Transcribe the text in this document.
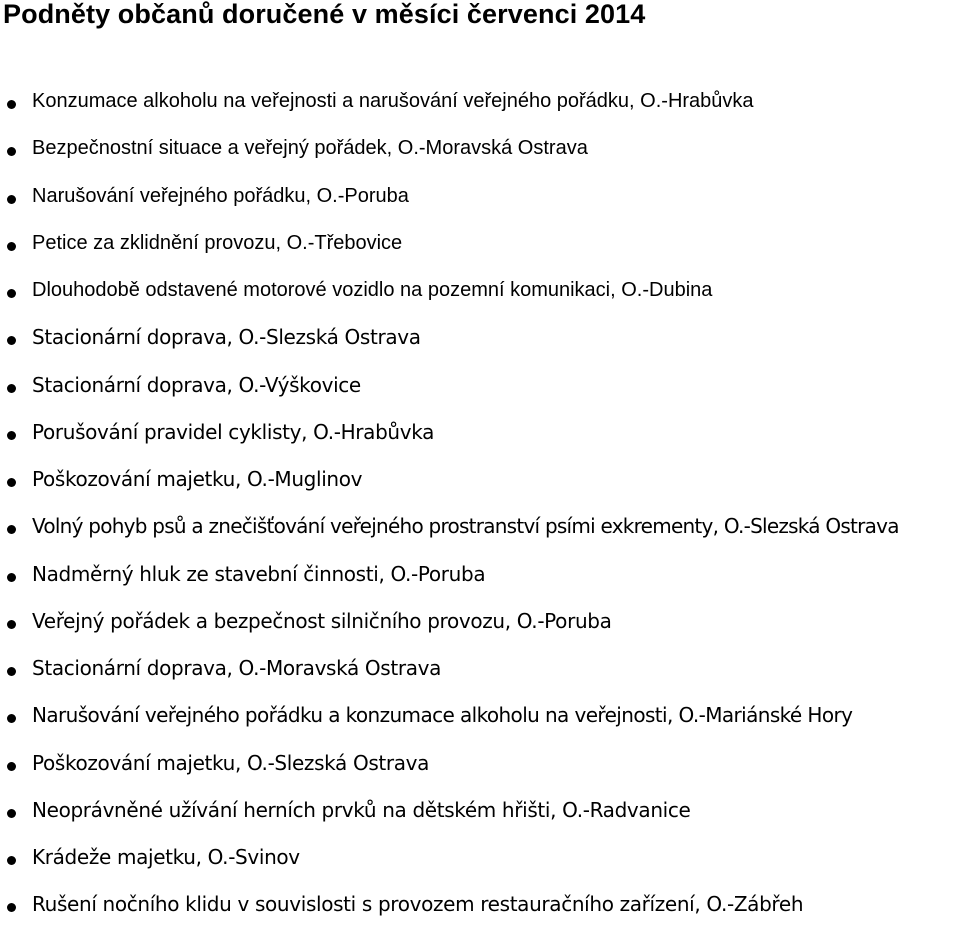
Podněty občanů doručené v měsíci červenci 2014
Konzumace alkoholu na veřejnosti a narušování veřejného pořádku, O.-Hrabůvka
Bezpečnostní situace a veřejný pořádek, O.-Moravská Ostrava
Narušování veřejného pořádku, O.-Poruba
Petice za zklidnění provozu, O.-Třebovice
Dlouhodobě odstavené motorové vozidlo na pozemní komunikaci, O.-Dubina
Stacionární doprava, O.-Slezská Ostrava
Stacionární doprava, O.-Výškovice
Porušování pravidel cyklisty, O.-Hrabůvka
Poškozování majetku, O.-Muglinov
Volný pohyb psů a znečišťování veřejného prostranství psími exkrementy, O.-Slezská Ostrava
Nadměrný hluk ze stavební činnosti, O.-Poruba
Veřejný pořádek a bezpečnost silničního provozu, O.-Poruba
Stacionární doprava, O.-Moravská Ostrava
Narušování veřejného pořádku a konzumace alkoholu na veřejnosti, O.-Mariánské Hory
Poškozování majetku, O.-Slezská Ostrava
Neoprávněné užívání herních prvků na dětském hřišti, O.-Radvanice
Krádeže majetku, O.-Svinov
Rušení nočního klidu v souvislosti s provozem restauračního zařízení, O.-Zábřeh
